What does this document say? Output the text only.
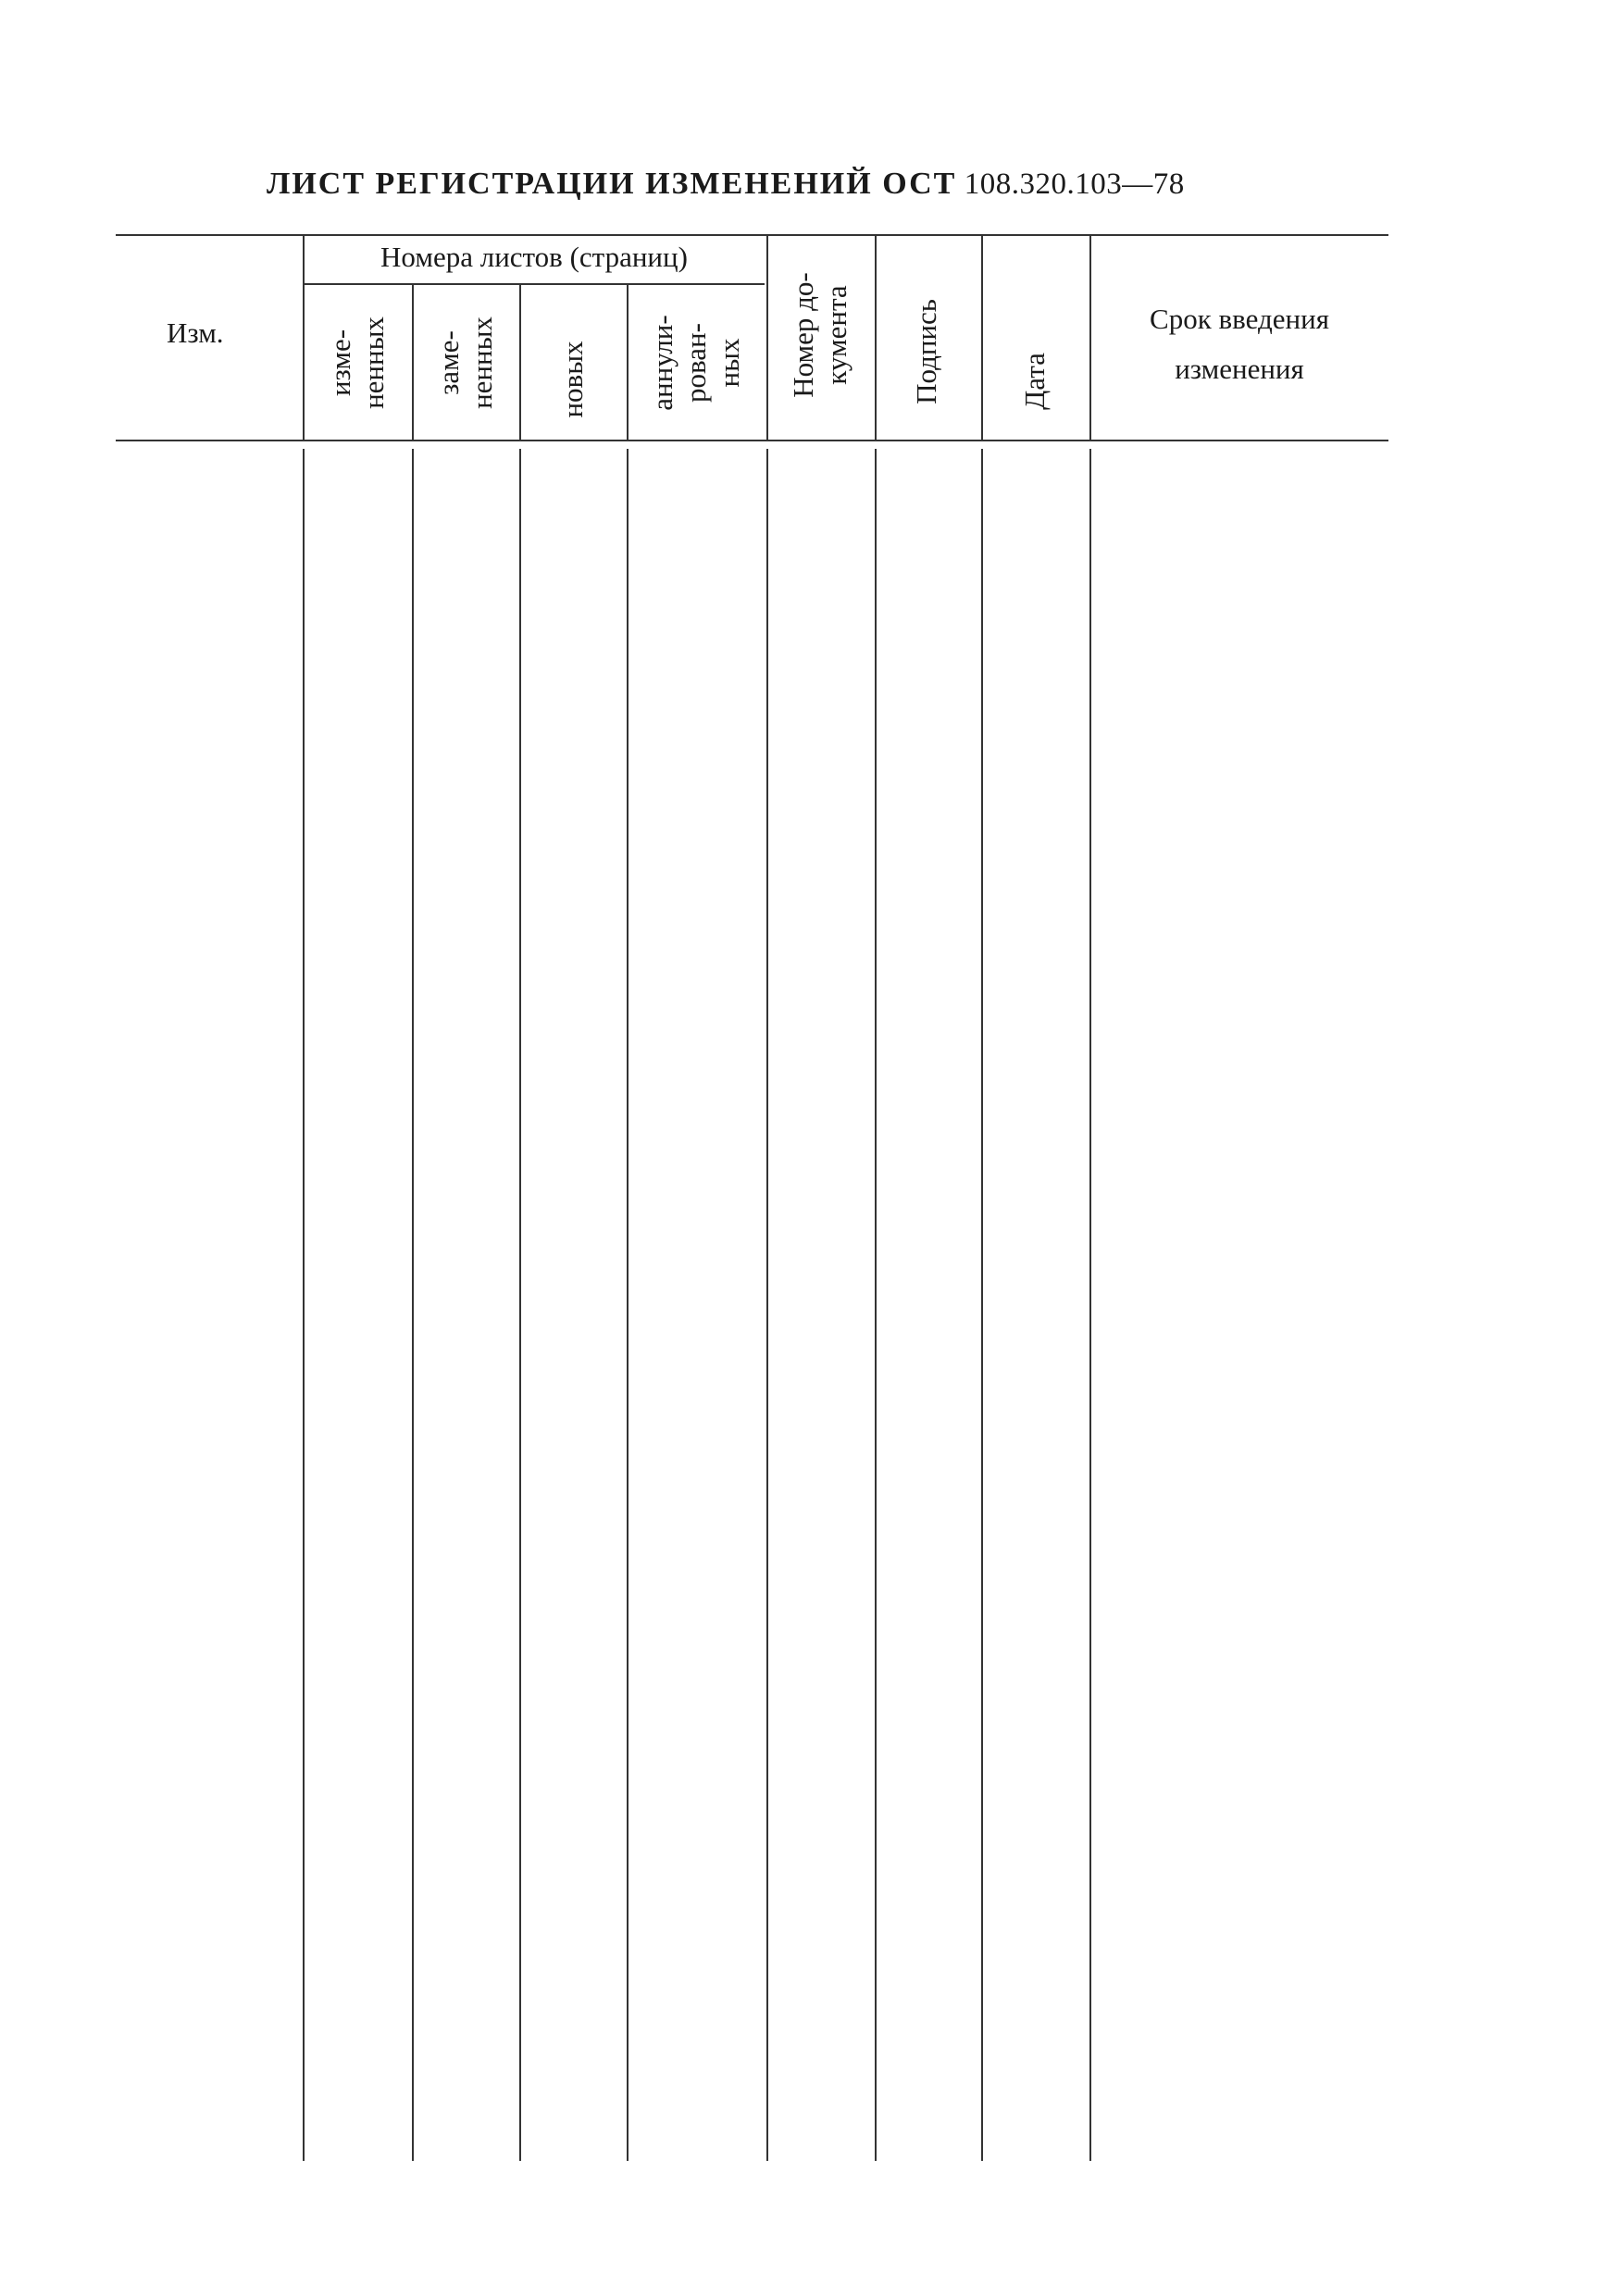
ЛИСТ РЕГИСТРАЦИИ ИЗМЕНЕНИЙ ОСТ 108.320.103—78
Изм.
Номера листов (страниц)
изме- ненных заме- ненных новых аннули- рован- ных Номер до- кумента Подпись	Дата
Срок введения
изменения
